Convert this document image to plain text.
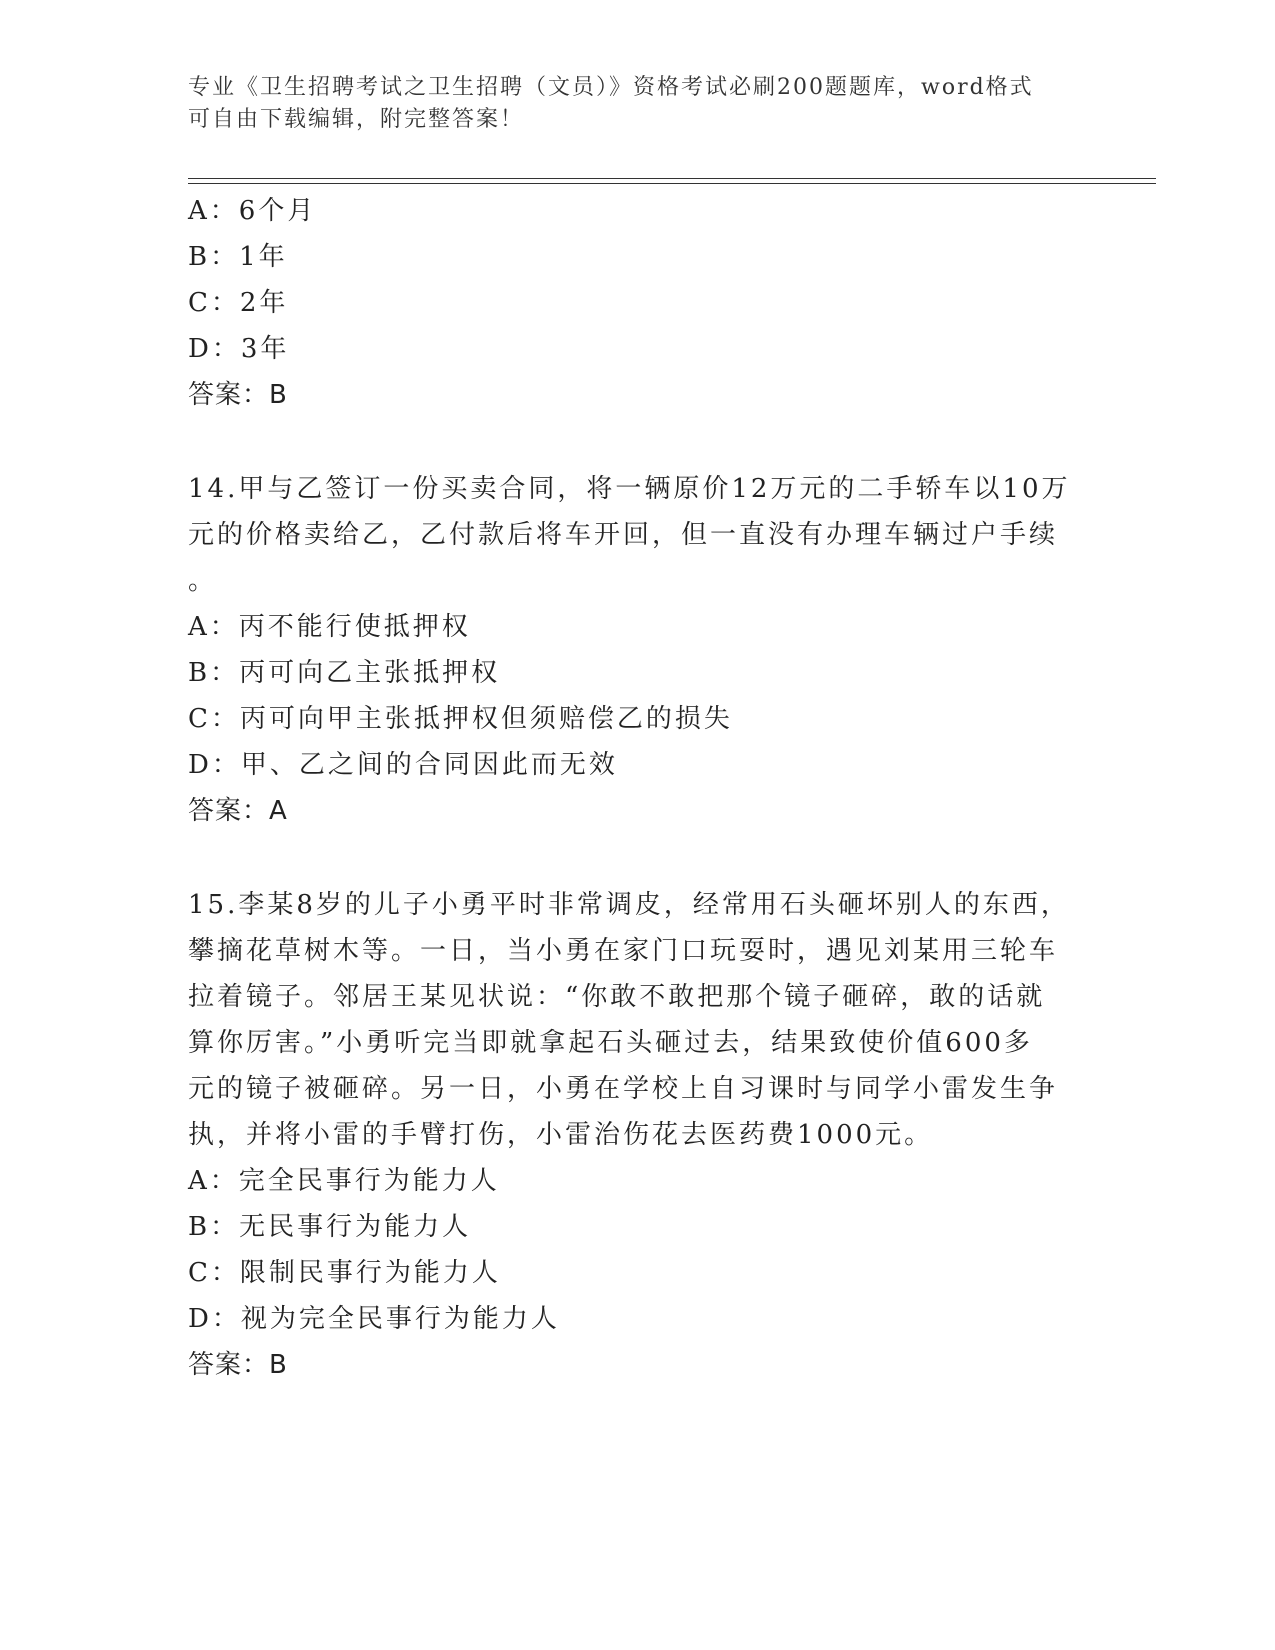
专业《卫生招聘考试之卫生招聘（文员）》资格考试必刷200题题库，word格式
可自由下载编辑，附完整答案！
A：6个月
B：1年
C：2年
D：3年
答案：B
14.甲与乙签订一份买卖合同，将一辆原价12万元的二手轿车以10万
元的价格卖给乙，乙付款后将车开回，但一直没有办理车辆过户手续
。
A：丙不能行使抵押权
B：丙可向乙主张抵押权
C：丙可向甲主张抵押权但须赔偿乙的损失
D：甲、乙之间的合同因此而无效
答案：A
15.李某8岁的儿子小勇平时非常调皮，经常用石头砸坏别人的东西，
攀摘花草树木等。一日，当小勇在家门口玩耍时，遇见刘某用三轮车
拉着镜子。邻居王某见状说：“你敢不敢把那个镜子砸碎，敢的话就
算你厉害。”小勇听完当即就拿起石头砸过去，结果致使价值600多
元的镜子被砸碎。另一日，小勇在学校上自习课时与同学小雷发生争
执，并将小雷的手臂打伤，小雷治伤花去医药费1000元。
A：完全民事行为能力人
B：无民事行为能力人
C：限制民事行为能力人
D：视为完全民事行为能力人
答案：B
